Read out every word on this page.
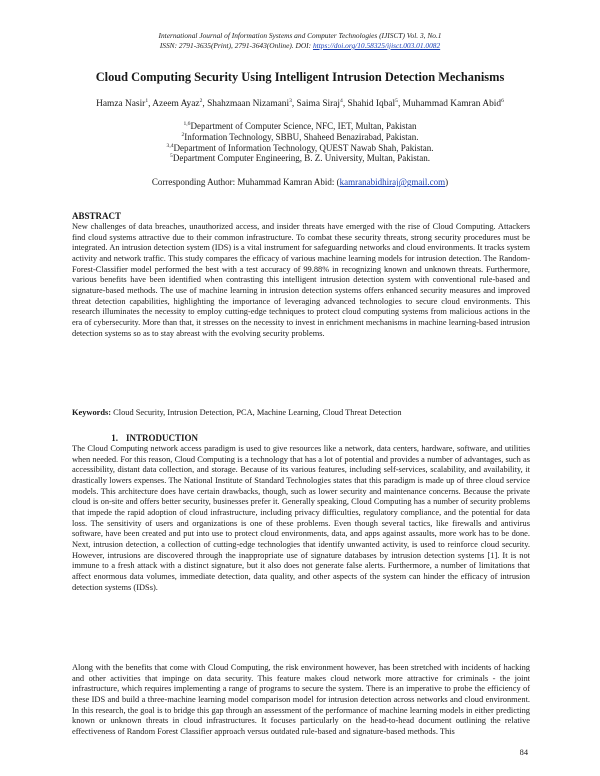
International Journal of Information Systems and Computer Technologies (IJISCT) Vol. 3, No.1
ISSN: 2791-3635(Print), 2791-3643(Online). DOI: https://doi.org/10.58325/ijisct.003.01.0082
Cloud Computing Security Using Intelligent Intrusion Detection Mechanisms
Hamza Nasir$^1$, Azeem Ayaz$^2$, Shahzmaan Nizamani$^3$, Saima Siraj$^4$, Shahid Iqbal$^5$, Muhammad Kamran Abid$^6$
$^{1,6}$Department of Computer Science, NFC, IET, Multan, Pakistan
$^2$Information Technology, SBBU, Shaheed Benazirabad, Pakistan.
$^{3,4}$Department of Information Technology, QUEST Nawab Shah, Pakistan.
$^5$Department Computer Engineering, B. Z. University, Multan, Pakistan.
Corresponding Author: Muhammad Kamran Abid: (kamranabidhiraj@gmail.com)
ABSTRACT
New challenges of data breaches, unauthorized access, and insider threats have emerged with the rise of Cloud Computing. Attackers find cloud systems attractive due to their common infrastructure. To combat these security threats, strong security procedures must be integrated. An intrusion detection system (IDS) is a vital instrument for safeguarding networks and cloud environments. It tracks system activity and network traffic. This study compares the efficacy of various machine learning models for intrusion detection. The Random-Forest-Classifier model performed the best with a test accuracy of 99.88% in recognizing known and unknown threats. Furthermore, various benefits have been identified when contrasting this intelligent intrusion detection system with conventional rule-based and signature-based methods. The use of machine learning in intrusion detection systems offers enhanced security measures and improved threat detection capabilities, highlighting the importance of leveraging advanced technologies to secure cloud environments. This research illuminates the necessity to employ cutting-edge techniques to protect cloud computing systems from malicious actions in the era of cybersecurity. More than that, it stresses on the necessity to invest in enrichment mechanisms in machine learning-based intrusion detection systems so as to stay abreast with the evolving security problems.
Keywords: Cloud Security, Intrusion Detection, PCA, Machine Learning, Cloud Threat Detection
1. INTRODUCTION
The Cloud Computing network access paradigm is used to give resources like a network, data centers, hardware, software, and utilities when needed. For this reason, Cloud Computing is a technology that has a lot of potential and provides a number of advantages, such as accessibility, distant data collection, and storage. Because of its various features, including self-services, scalability, and availability, it drastically lowers expenses. The National Institute of Standard Technologies states that this paradigm is made up of three cloud service models. This architecture does have certain drawbacks, though, such as lower security and maintenance concerns. Because the private cloud is on-site and offers better security, businesses prefer it. Generally speaking, Cloud Computing has a number of security problems that impede the rapid adoption of cloud infrastructure, including privacy difficulties, regulatory compliance, and the potential for data loss. The sensitivity of users and organizations is one of these problems. Even though several tactics, like firewalls and antivirus software, have been created and put into use to protect cloud environments, data, and apps against assaults, more work has to be done. Next, intrusion detection, a collection of cutting-edge technologies that identify unwanted activity, is used to reinforce cloud security. However, intrusions are discovered through the inappropriate use of signature databases by intrusion detection systems [1]. It is not immune to a fresh attack with a distinct signature, but it also does not generate false alerts. Furthermore, a number of limitations that affect enormous data volumes, immediate detection, data quality, and other aspects of the system can hinder the efficacy of intrusion detection systems (IDSs).
Along with the benefits that come with Cloud Computing, the risk environment however, has been stretched with incidents of hacking and other activities that impinge on data security. This feature makes cloud network more attractive for criminals - the joint infrastructure, which requires implementing a range of programs to secure the system. There is an imperative to probe the efficiency of these IDS and build a three-machine learning model comparison model for intrusion detection across networks and cloud environment. In this research, the goal is to bridge this gap through an assessment of the performance of machine learning models in either predicting known or unknown threats in cloud infrastructures. It focuses particularly on the head-to-head document outlining the relative effectiveness of Random Forest Classifier approach versus outdated rule-based and signature-based methods. This
84
